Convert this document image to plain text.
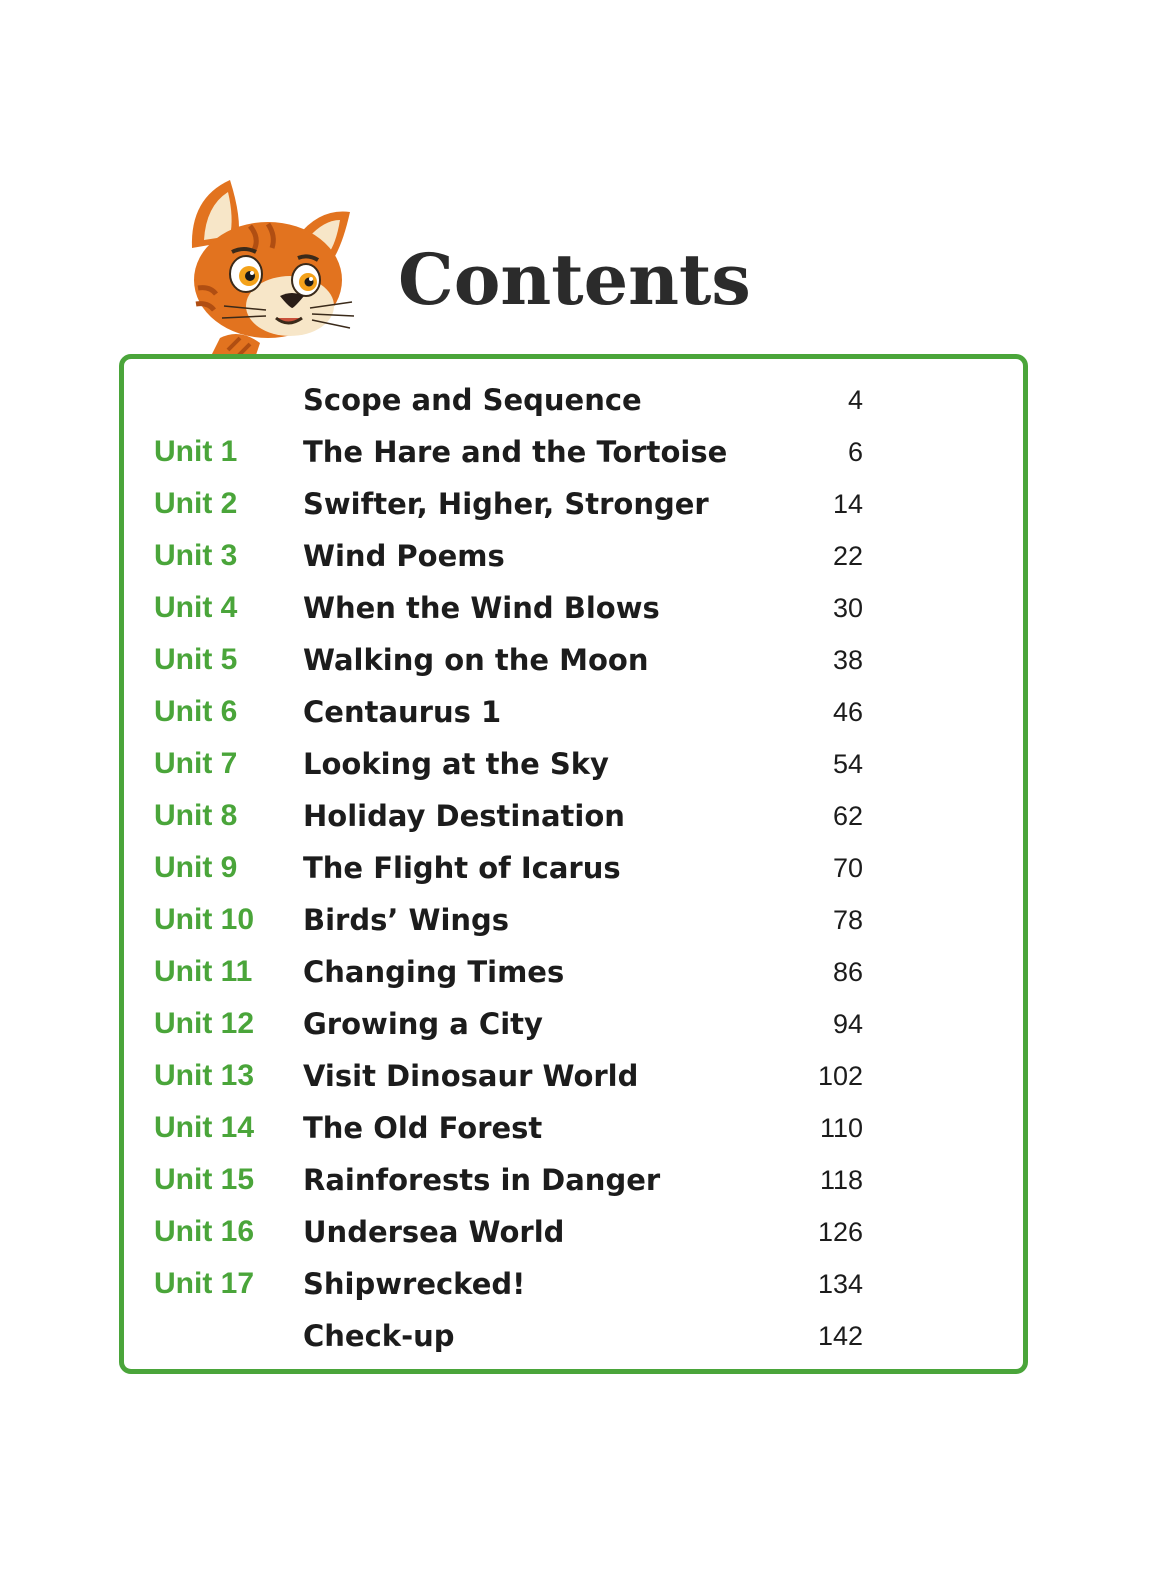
Contents
Scope and Sequence	4
Unit 1 The Hare and the Tortoise	6
Unit 2 Swifter, Higher, Stronger	14
Unit 3 Wind Poems	22
Unit 4 When the Wind Blows	30
Unit 5 Walking on the Moon	38
Unit 6 Centaurus 1	46
Unit 7 Looking at the Sky	54
Unit 8 Holiday Destination	62
Unit 9 The Flight of Icarus	70
Unit 10 Birds’ Wings	78
Unit 11 Changing Times	86
Unit 12 Growing a City	94
Unit 13 Visit Dinosaur World	102
Unit 14 The Old Forest	110
Unit 15 Rainforests in Danger	118
Unit 16 Undersea World	126
Unit 17 Shipwrecked!	134
Check-up	142
